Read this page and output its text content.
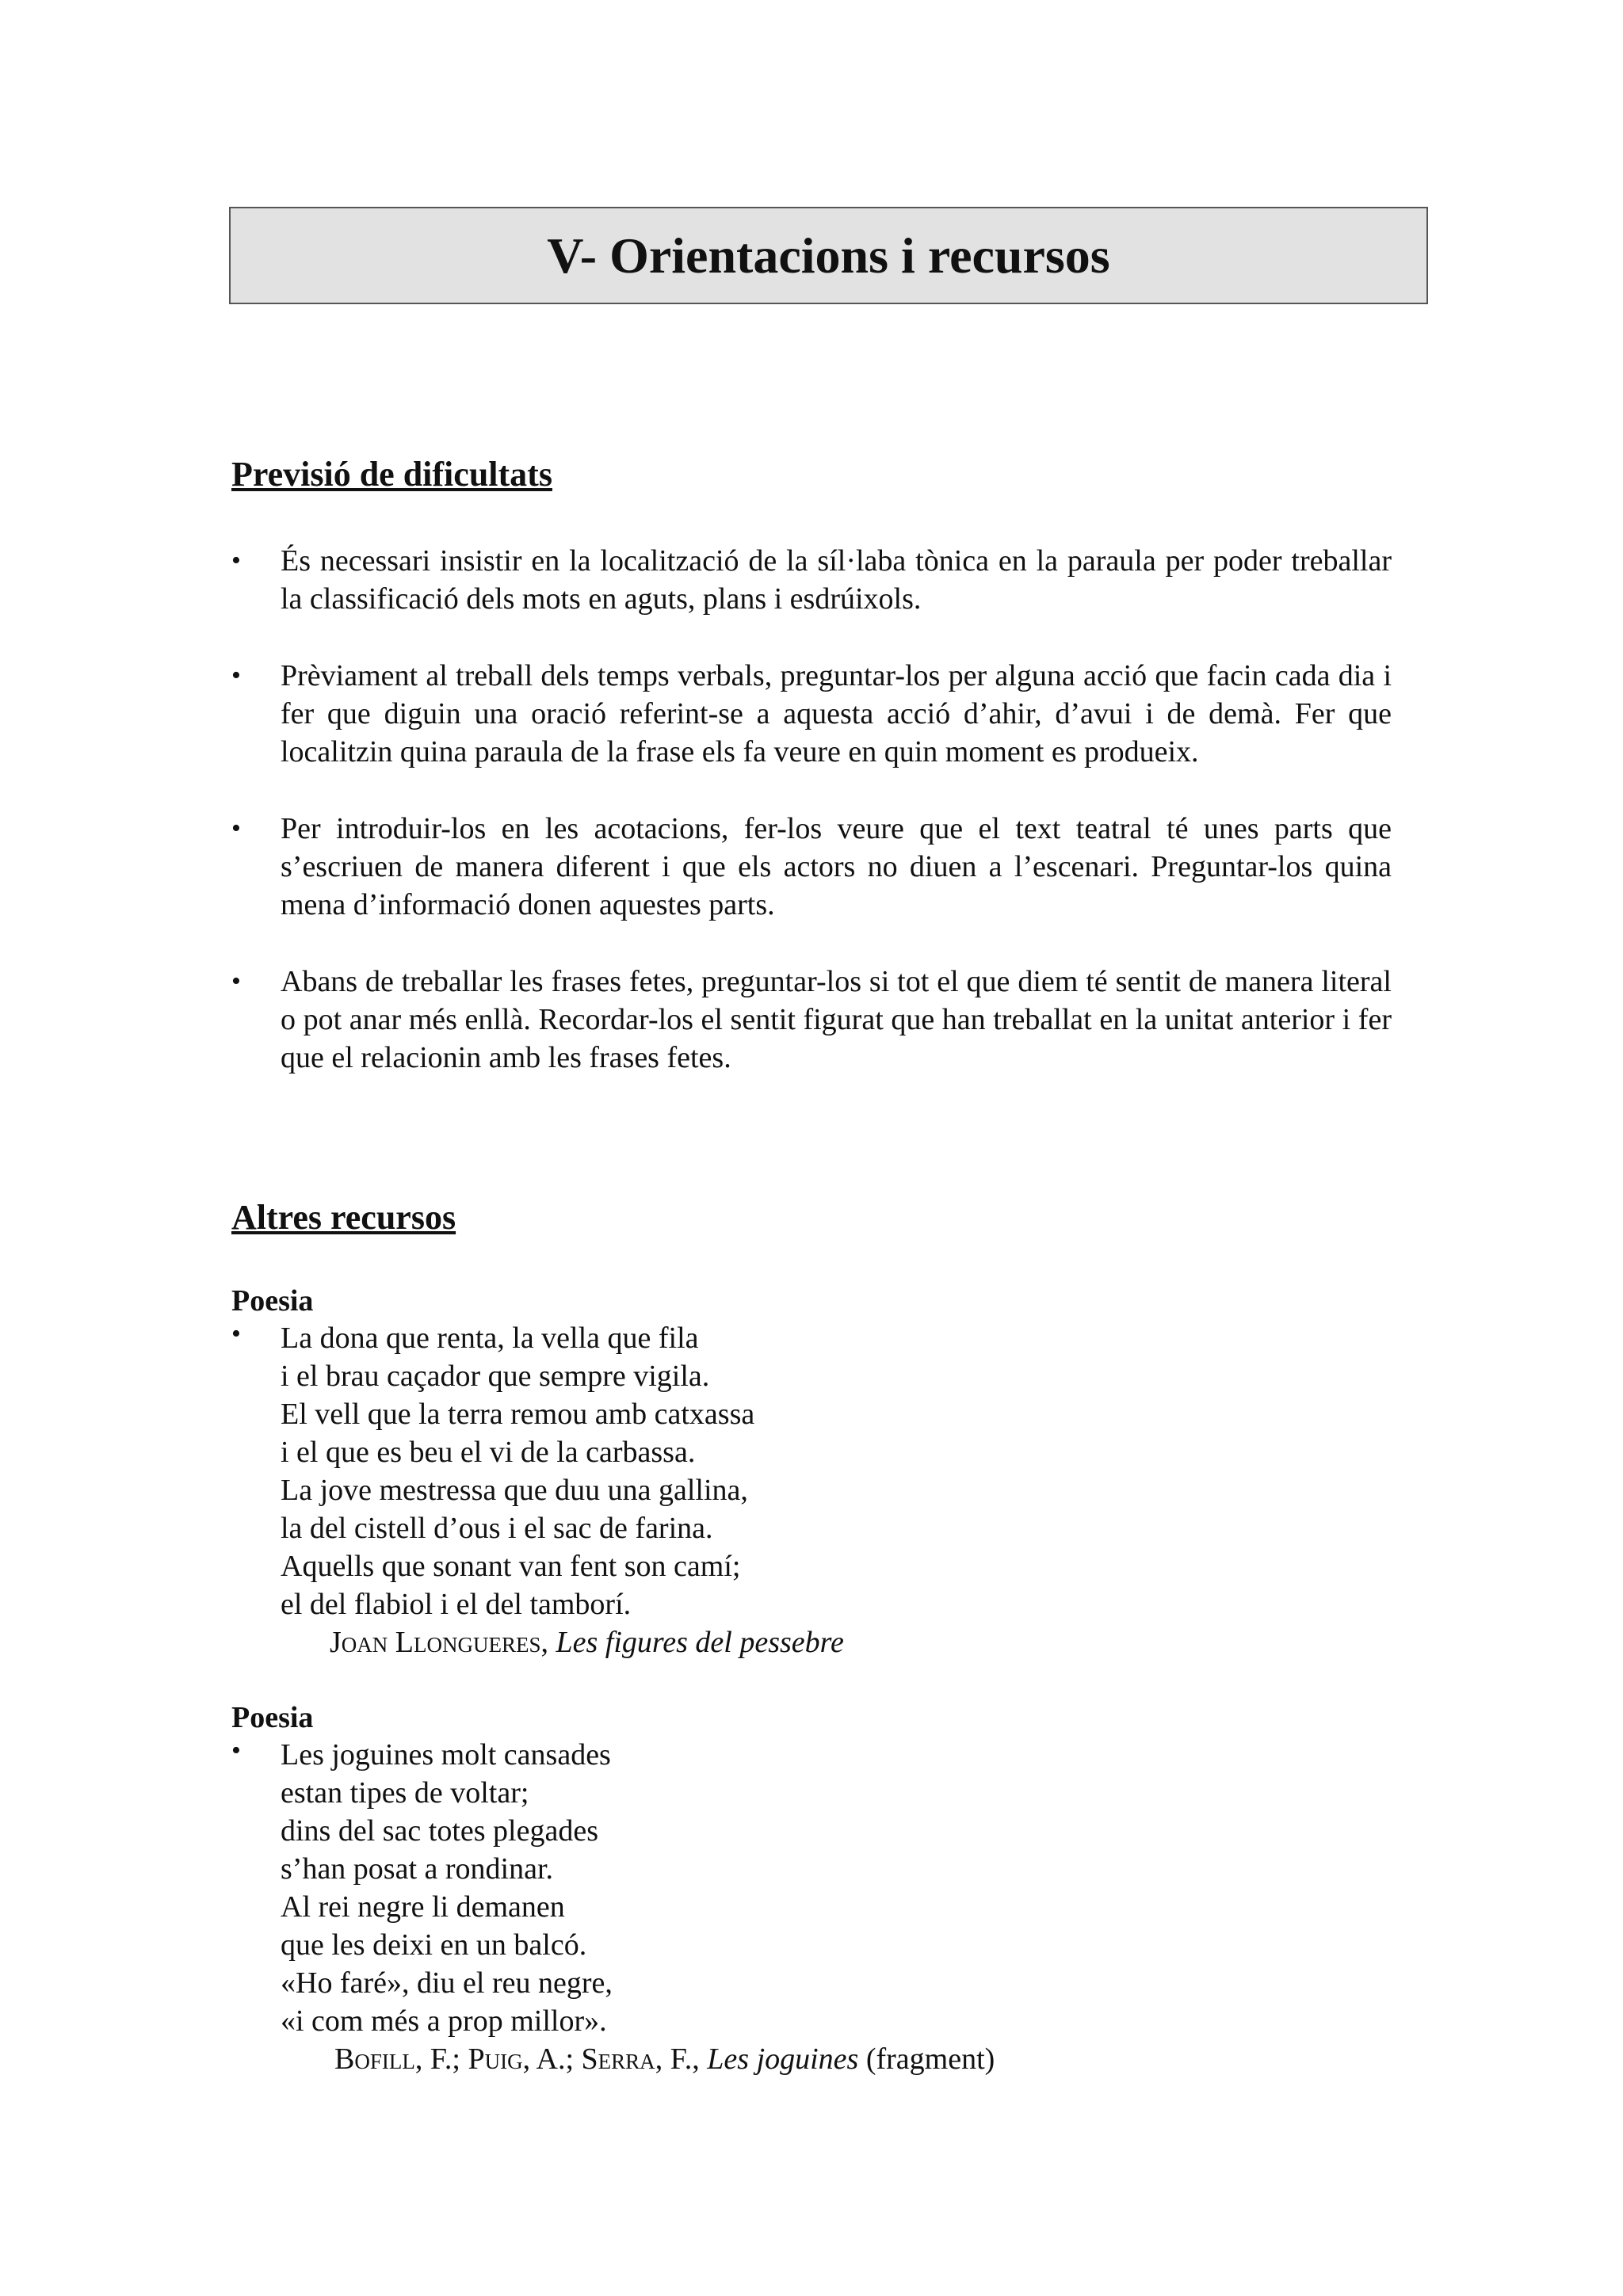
V- Orientacions i recursos
Previsió de dificultats
• És necessari insistir en la localització de la síl·laba tònica en la paraula per poder treballar la classificació dels mots en aguts, plans i esdrúixols.
• Prèviament al treball dels temps verbals, preguntar-los per alguna acció que facin cada dia i fer que diguin una oració referint-se a aquesta acció d’ahir, d’avui i de demà. Fer que localitzin quina paraula de la frase els fa veure en quin moment es produeix.
• Per introduir-los en les acotacions, fer-los veure que el text teatral té unes parts que s’escriuen de manera diferent i que els actors no diuen a l’escenari. Preguntar-los quina mena d’informació donen aquestes parts.
• Abans de treballar les frases fetes, preguntar-los si tot el que diem té sentit de manera literal o pot anar més enllà. Recordar-los el sentit figurat que han treballat en la unitat anterior i fer que el relacionin amb les frases fetes.
Altres recursos
Poesia
• La dona que renta, la vella que fila
i el brau caçador que sempre vigila.
El vell que la terra remou amb catxassa
i el que es beu el vi de la carbassa.
La jove mestressa que duu una gallina,
la del cistell d’ous i el sac de farina.
Aquells que sonant van fent son camí;
el del flabiol i el del tamborí.
Joan Llongueres, Les figures del pessebre
Poesia
• Les joguines molt cansades
estan tipes de voltar;
dins del sac totes plegades
s’han posat a rondinar.
Al rei negre li demanen
que les deixi en un balcó.
«Ho faré», diu el reu negre,
«i com més a prop millor».
Bofill, F.; Puig, A.; Serra, F., Les joguines (fragment)
